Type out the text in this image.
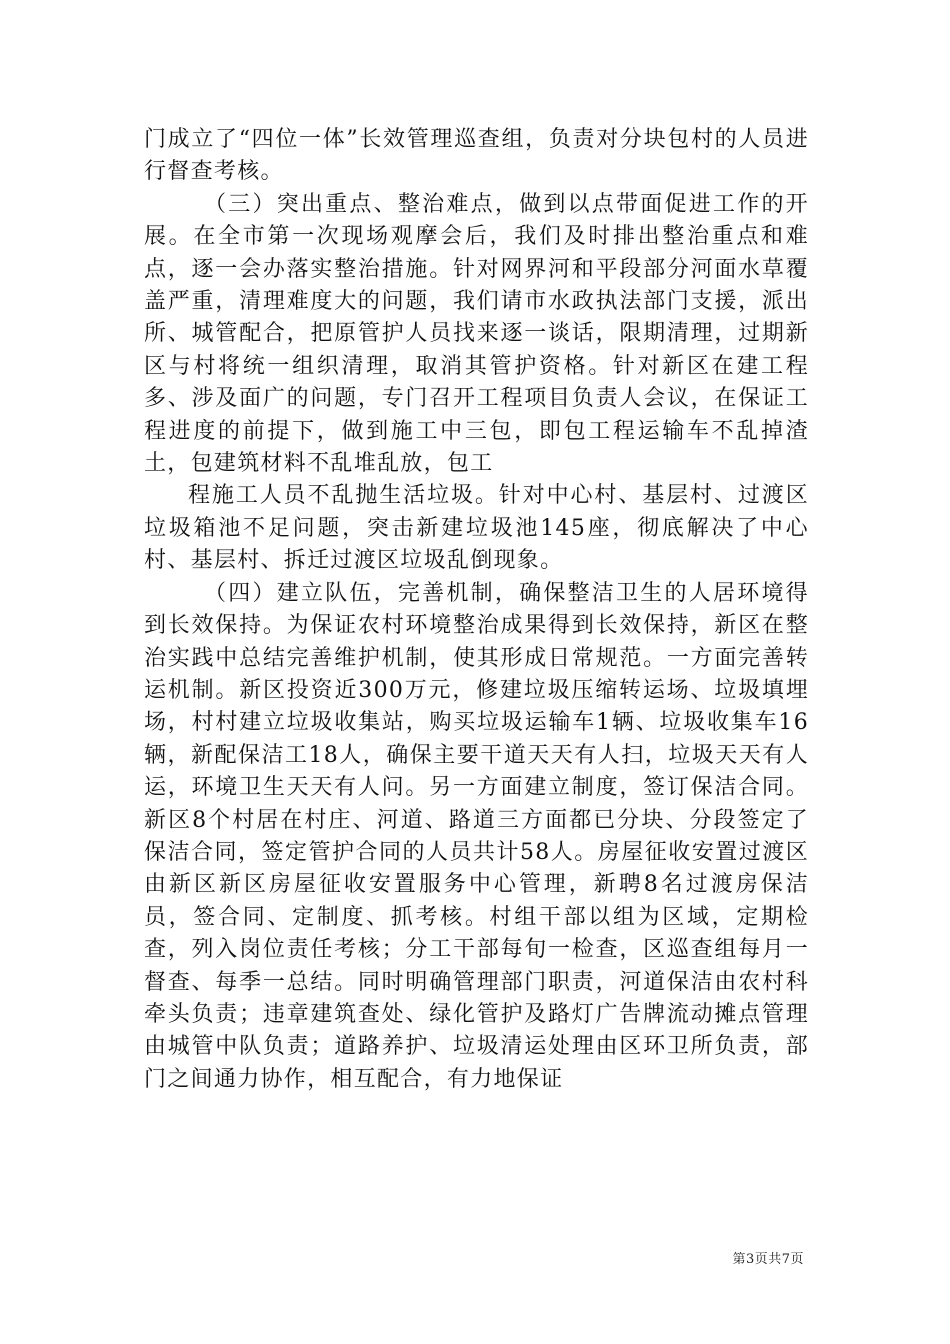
门成立了“四位一体”长效管理巡查组，负责对分块包村的人员进行督查考核。

（三）突出重点、整治难点，做到以点带面促进工作的开展。在全市第一次现场观摩会后，我们及时排出整治重点和难点，逐一会办落实整治措施。针对网界河和平段部分河面水草覆盖严重，清理难度大的问题，我们请市水政执法部门支援，派出所、城管配合，把原管护人员找来逐一谈话，限期清理，过期新区与村将统一组织清理，取消其管护资格。针对新区在建工程多、涉及面广的问题，专门召开工程项目负责人会议，在保证工程进度的前提下，做到施工中三包，即包工程运输车不乱掉渣土，包建筑材料不乱堆乱放，包工

程施工人员不乱抛生活垃圾。针对中心村、基层村、过渡区垃圾箱池不足问题，突击新建垃圾池145座，彻底解决了中心村、基层村、拆迁过渡区垃圾乱倒现象。

（四）建立队伍，完善机制，确保整洁卫生的人居环境得到长效保持。为保证农村环境整治成果得到长效保持，新区在整治实践中总结完善维护机制，使其形成日常规范。一方面完善转运机制。新区投资近300万元，修建垃圾压缩转运场、垃圾填埋场，村村建立垃圾收集站，购买垃圾运输车1辆、垃圾收集车16辆，新配保洁工18人，确保主要干道天天有人扫，垃圾天天有人运，环境卫生天天有人问。另一方面建立制度，签订保洁合同。新区8个村居在村庄、河道、路道三方面都已分块、分段签定了保洁合同，签定管护合同的人员共计58人。房屋征收安置过渡区由新区新区房屋征收安置服务中心管理，新聘8名过渡房保洁员，签合同、定制度、抓考核。村组干部以组为区域，定期检查，列入岗位责任考核；分工干部每旬一检查，区巡查组每月一督查、每季一总结。同时明确管理部门职责，河道保洁由农村科牵头负责；违章建筑查处、绿化管护及路灯广告牌流动摊点管理由城管中队负责；道路养护、垃圾清运处理由区环卫所负责，部门之间通力协作，相互配合，有力地保证

第3页共7页
